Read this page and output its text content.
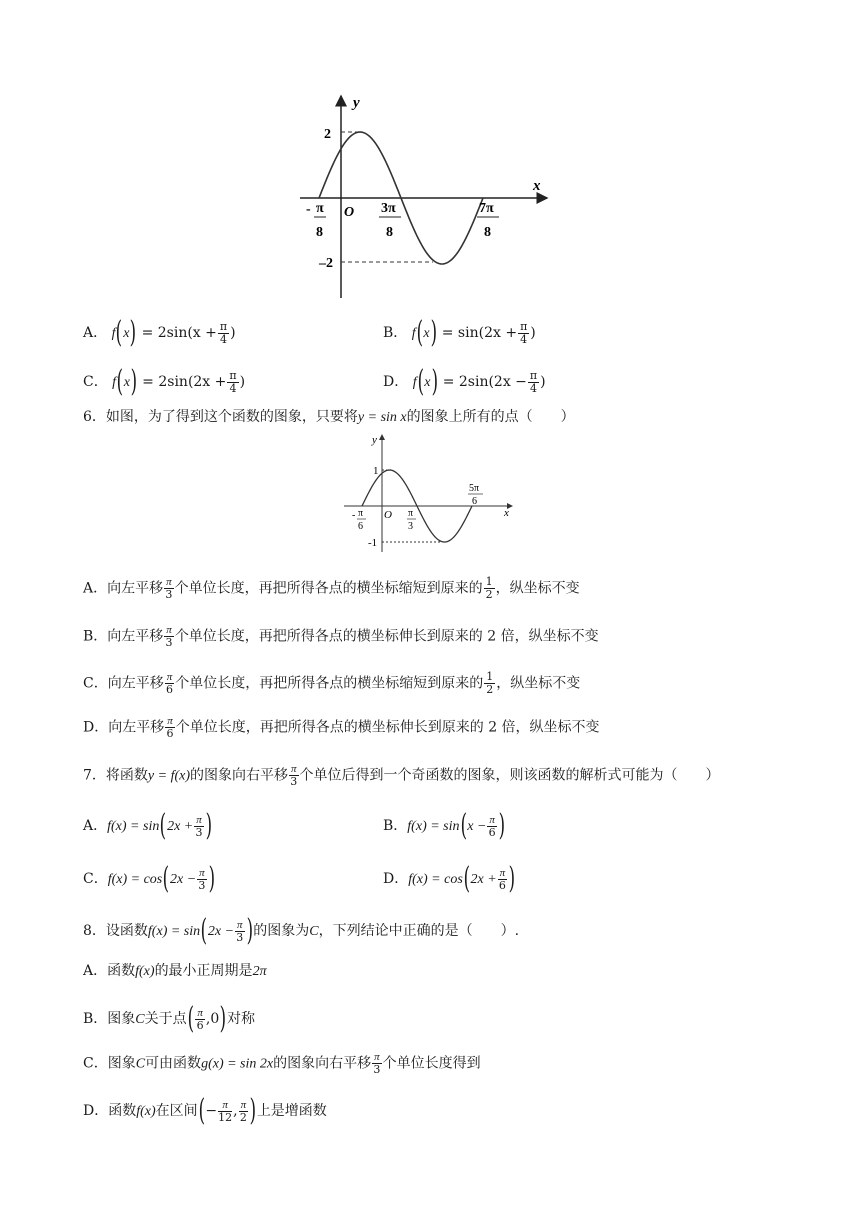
y
x
O
2
–2
- π
8
3π
8
7π
8
A． $f(x) = 2\sin(x + \frac{\pi}{4}$ )	B． $f(x) = \sin(2x + \frac{\pi}{4}$ )
C． $f(x) = 2\sin(2x + \frac{\pi}{4}$ )	D． $f(x) = 2\sin(2x - \frac{\pi}{4}$ )
6．如图，为了得到这个函数的图象，只要将y = sin x的图象上所有的点（　　）
y
x
O
1
-1
- π
6
π
3
5π
6
A．向左平移 $\frac{\pi}{3}$ 个单位长度，再把所得各点的横坐标缩短到原来的 $\frac{1}{2}$ ，纵坐标不变
B．向左平移 $\frac{\pi}{3}$ 个单位长度，再把所得各点的横坐标伸长到原来的 2 倍，纵坐标不变
C．向左平移 $\frac{\pi}{6}$ 个单位长度，再把所得各点的横坐标缩短到原来的 $\frac{1}{2}$ ，纵坐标不变
D．向左平移 $\frac{\pi}{6}$ 个单位长度，再把所得各点的横坐标伸长到原来的 2 倍，纵坐标不变
7．将函数y = f(x)的图象向右平移 $\frac{\pi}{3}$ 个单位后得到一个奇函数的图象，则该函数的解析式可能为（　　）
A．$f(x) = \sin(2x + \frac{\pi}{3}$ )	B．$f(x) = \sin(x - \frac{\pi}{6}$ )
C．$f(x) = \cos(2x - \frac{\pi}{3}$ )	D．$f(x) = \cos(2x + \frac{\pi}{6}$ )
8．设函数$f(x) = \sin(2x - \frac{\pi}{3}$ )的图象为C，下列结论中正确的是（　　）.
A．函数f(x)的最小正周期是2π
B．图象C关于点( $\frac{\pi}{6} ,0$)对称
C．图象C可由函数g(x) = sin 2x的图象向右平移 $\frac{\pi}{3}$ 个单位长度得到
D．函数f(x)在区间(− $\frac{\pi}{12}$ , $\frac{\pi}{2}$ )上是增函数
